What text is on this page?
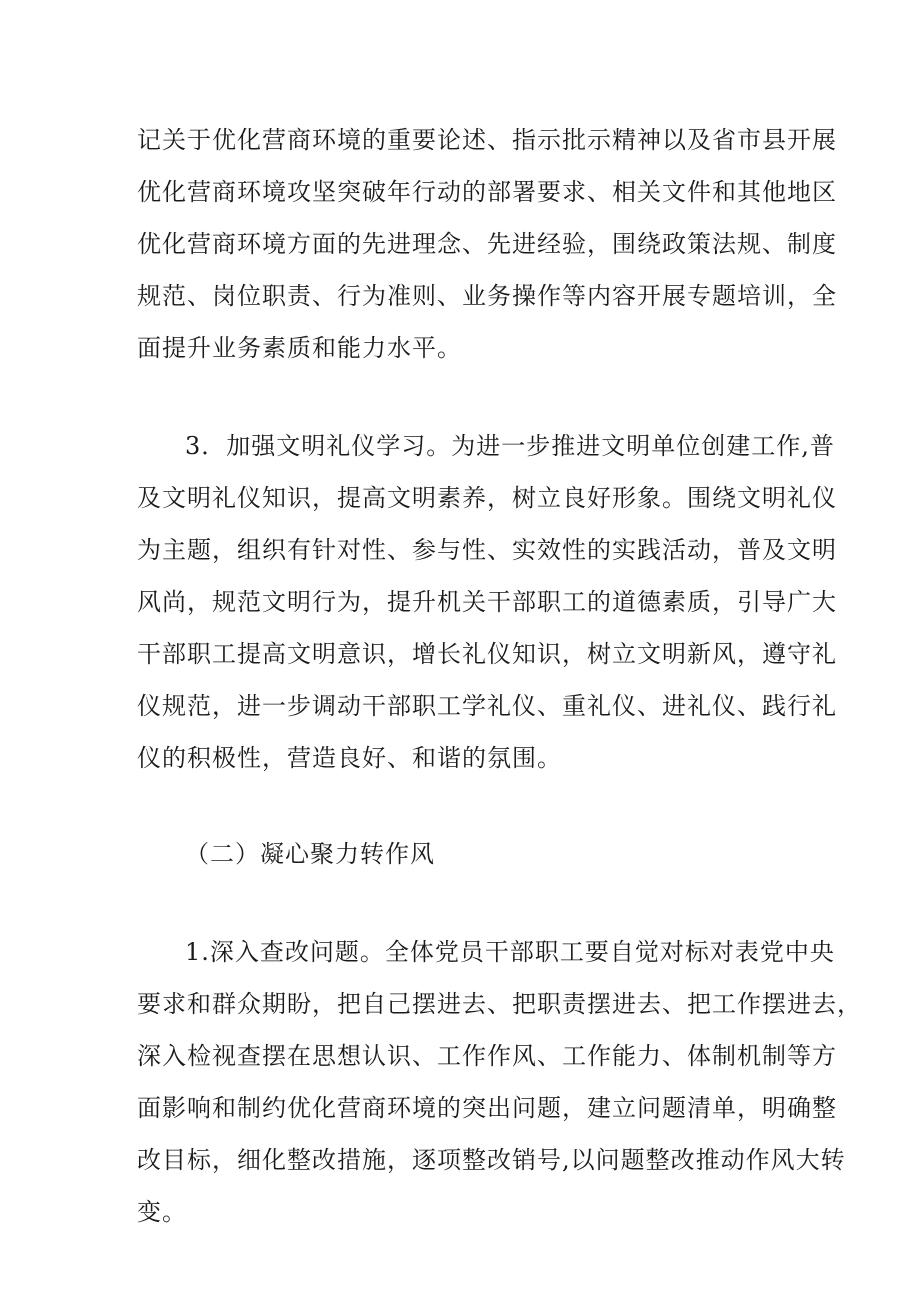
记关于优化营商环境的重要论述、指示批示精神以及省市县开展
优化营商环境攻坚突破年行动的部署要求、相关文件和其他地区
优化营商环境方面的先进理念、先进经验，围绕政策法规、制度
规范、岗位职责、行为准则、业务操作等内容开展专题培训，全
面提升业务素质和能力水平。
3．加强文明礼仪学习。为进一步推进文明单位创建工作,普
及文明礼仪知识，提高文明素养，树立良好形象。围绕文明礼仪
为主题，组织有针对性、参与性、实效性的实践活动，普及文明
风尚，规范文明行为，提升机关干部职工的道德素质，引导广大
干部职工提高文明意识，增长礼仪知识，树立文明新风，遵守礼
仪规范，进一步调动干部职工学礼仪、重礼仪、进礼仪、践行礼
仪的积极性，营造良好、和谐的氛围。
（二）凝心聚力转作风
1.深入查改问题。全体党员干部职工要自觉对标对表党中央
要求和群众期盼，把自己摆进去、把职责摆进去、把工作摆进去，
深入检视查摆在思想认识、工作作风、工作能力、体制机制等方
面影响和制约优化营商环境的突出问题，建立问题清单，明确整
改目标，细化整改措施，逐项整改销号,以问题整改推动作风大转
变。
